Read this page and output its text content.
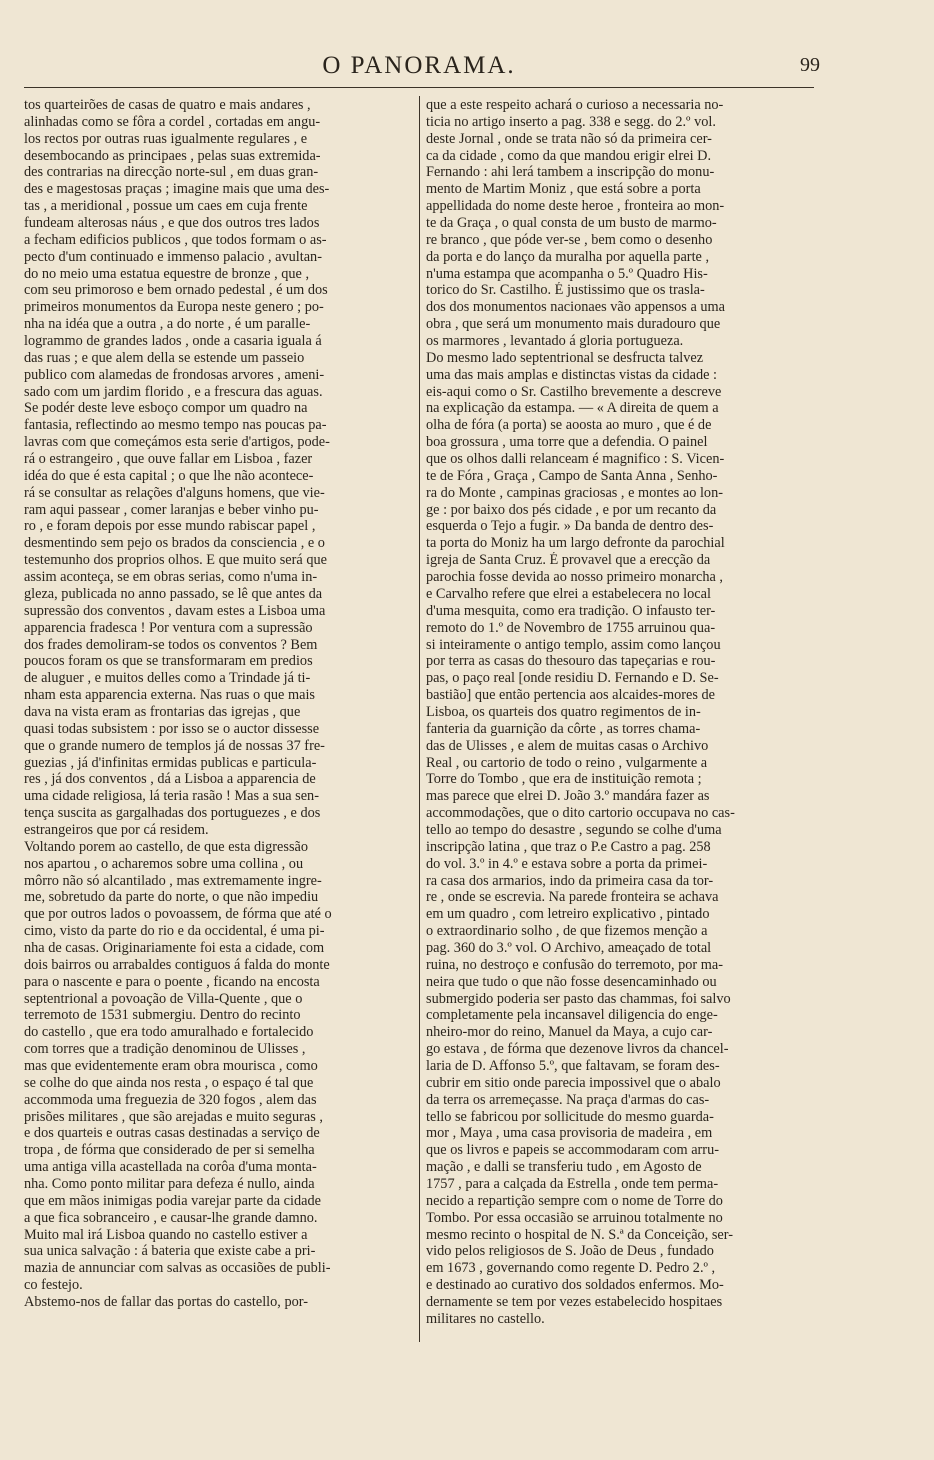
O PANORAMA.	99
tos quarteirões de casas de quatro e mais andares ,
alinhadas como se fôra a cordel , cortadas em angu-
los rectos por outras ruas igualmente regulares , e
desembocando as principaes , pelas suas extremida-
des contrarias na direcção norte-sul , em duas gran-
des e magestosas praças ; imagine mais que uma des-
tas , a meridional , possue um caes em cuja frente
fundeam alterosas náus , e que dos outros tres lados
a fecham edificios publicos , que todos formam o as-
pecto d'um continuado e immenso palacio , avultan-
do no meio uma estatua equestre de bronze , que ,
com seu primoroso e bem ornado pedestal , é um dos
primeiros monumentos da Europa neste genero ; po-
nha na idéa que a outra , a do norte , é um paralle-
logrammo de grandes lados , onde a casaria iguala á
das ruas ; e que alem della se estende um passeio
publico com alamedas de frondosas arvores , ameni-
sado com um jardim florido , e a frescura das aguas.
Se podér deste leve esboço compor um quadro na
fantasia, reflectindo ao mesmo tempo nas poucas pa-
lavras com que começámos esta serie d'artigos, pode-
rá o estrangeiro , que ouve fallar em Lisboa , fazer
idéa do que é esta capital ; o que lhe não acontece-
rá se consultar as relações d'alguns homens, que vie-
ram aqui passear , comer laranjas e beber vinho pu-
ro , e foram depois por esse mundo rabiscar papel ,
desmentindo sem pejo os brados da consciencia , e o
testemunho dos proprios olhos. E que muito será que
assim aconteça, se em obras serias, como n'uma in-
gleza, publicada no anno passado, se lê que antes da
supressão dos conventos , davam estes a Lisboa uma
apparencia fradesca ! Por ventura com a supressão
dos frades demoliram-se todos os conventos ? Bem
poucos foram os que se transformaram em predios
de aluguer , e muitos delles como a Trindade já ti-
nham esta apparencia externa. Nas ruas o que mais
dava na vista eram as frontarias das igrejas , que
quasi todas subsistem : por isso se o auctor dissesse
que o grande numero de templos já de nossas 37 fre-
guezias , já d'infinitas ermidas publicas e particula-
res , já dos conventos , dá a Lisboa a apparencia de
uma cidade religiosa, lá teria rasão ! Mas a sua sen-
tença suscita as gargalhadas dos portuguezes , e dos
estrangeiros que por cá residem.
Voltando porem ao castello, de que esta digressão
nos apartou , o acharemos sobre uma collina , ou
môrro não só alcantilado , mas extremamente ingre-
me, sobretudo da parte do norte, o que não impediu
que por outros lados o povoassem, de fórma que até o
cimo, visto da parte do rio e da occidental, é uma pi-
nha de casas. Originariamente foi esta a cidade, com
dois bairros ou arrabaldes contiguos á falda do monte
para o nascente e para o poente , ficando na encosta
septentrional a povoação de Villa-Quente , que o
terremoto de 1531 submergiu. Dentro do recinto
do castello , que era todo amuralhado e fortalecido
com torres que a tradição denominou de Ulisses ,
mas que evidentemente eram obra mourisca , como
se colhe do que ainda nos resta , o espaço é tal que
accommoda uma freguezia de 320 fogos , alem das
prisões militares , que são arejadas e muito seguras ,
e dos quarteis e outras casas destinadas a serviço de
tropa , de fórma que considerado de per si semelha
uma antiga villa acastellada na corôa d'uma monta-
nha. Como ponto militar para defeza é nullo, ainda
que em mãos inimigas podia varejar parte da cidade
a que fica sobranceiro , e causar-lhe grande damno.
Muito mal irá Lisboa quando no castello estiver a
sua unica salvação : á bateria que existe cabe a pri-
mazia de annunciar com salvas as occasiões de publi-
co festejo.
Abstemo-nos de fallar das portas do castello, por-
que a este respeito achará o curioso a necessaria no-
ticia no artigo inserto a pag. 338 e segg. do 2.º vol.
deste Jornal , onde se trata não só da primeira cer-
ca da cidade , como da que mandou erigir elrei D.
Fernando : ahi lerá tambem a inscripção do monu-
mento de Martim Moniz , que está sobre a porta
appellidada do nome deste heroe , fronteira ao mon-
te da Graça , o qual consta de um busto de marmo-
re branco , que póde ver-se , bem como o desenho
da porta e do lanço da muralha por aquella parte ,
n'uma estampa que acompanha o 5.º Quadro His-
torico do Sr. Castilho. É justissimo que os trasla-
dos dos monumentos nacionaes vão appensos a uma
obra , que será um monumento mais duradouro que
os marmores , levantado á gloria portugueza.
Do mesmo lado septentrional se desfructa talvez
uma das mais amplas e distinctas vistas da cidade :
eis-aqui como o Sr. Castilho brevemente a descreve
na explicação da estampa. — « A direita de quem a
olha de fóra (a porta) se aoosta ao muro , que é de
boa grossura , uma torre que a defendia. O painel
que os olhos dalli relanceam é magnifico : S. Vicen-
te de Fóra , Graça , Campo de Santa Anna , Senho-
ra do Monte , campinas graciosas , e montes ao lon-
ge : por baixo dos pés cidade , e por um recanto da
esquerda o Tejo a fugir. » Da banda de dentro des-
ta porta do Moniz ha um largo defronte da parochial
igreja de Santa Cruz. É provavel que a erecção da
parochia fosse devida ao nosso primeiro monarcha ,
e Carvalho refere que elrei a estabelecera no local
d'uma mesquita, como era tradição. O infausto ter-
remoto do 1.º de Novembro de 1755 arruinou qua-
si inteiramente o antigo templo, assim como lançou
por terra as casas do thesouro das tapeçarias e rou-
pas, o paço real [onde residiu D. Fernando e D. Se-
bastião] que então pertencia aos alcaides-mores de
Lisboa, os quarteis dos quatro regimentos de in-
fanteria da guarnição da côrte , as torres chama-
das de Ulisses , e alem de muitas casas o Archivo
Real , ou cartorio de todo o reino , vulgarmente a
Torre do Tombo , que era de instituição remota ;
mas parece que elrei D. João 3.º mandára fazer as
accommodações, que o dito cartorio occupava no cas-
tello ao tempo do desastre , segundo se colhe d'uma
inscripção latina , que traz o P.e Castro a pag. 258
do vol. 3.º in 4.º e estava sobre a porta da primei-
ra casa dos armarios, indo da primeira casa da tor-
re , onde se escrevia. Na parede fronteira se achava
em um quadro , com letreiro explicativo , pintado
o extraordinario solho , de que fizemos menção a
pag. 360 do 3.º vol. O Archivo, ameaçado de total
ruina, no destroço e confusão do terremoto, por ma-
neira que tudo o que não fosse desencaminhado ou
submergido poderia ser pasto das chammas, foi salvo
completamente pela incansavel diligencia do enge-
nheiro-mor do reino, Manuel da Maya, a cujo car-
go estava , de fórma que dezenove livros da chancel-
laria de D. Affonso 5.º, que faltavam, se foram des-
cubrir em sitio onde parecia impossivel que o abalo
da terra os arremeçasse. Na praça d'armas do cas-
tello se fabricou por sollicitude do mesmo guarda-
mor , Maya , uma casa provisoria de madeira , em
que os livros e papeis se accommodaram com arru-
mação , e dalli se transferiu tudo , em Agosto de
1757 , para a calçada da Estrella , onde tem perma-
necido a repartição sempre com o nome de Torre do
Tombo. Por essa occasião se arruinou totalmente no
mesmo recinto o hospital de N. S.ª da Conceição, ser-
vido pelos religiosos de S. João de Deus , fundado
em 1673 , governando como regente D. Pedro 2.º ,
e destinado ao curativo dos soldados enfermos. Mo-
dernamente se tem por vezes estabelecido hospitaes
militares no castello.
